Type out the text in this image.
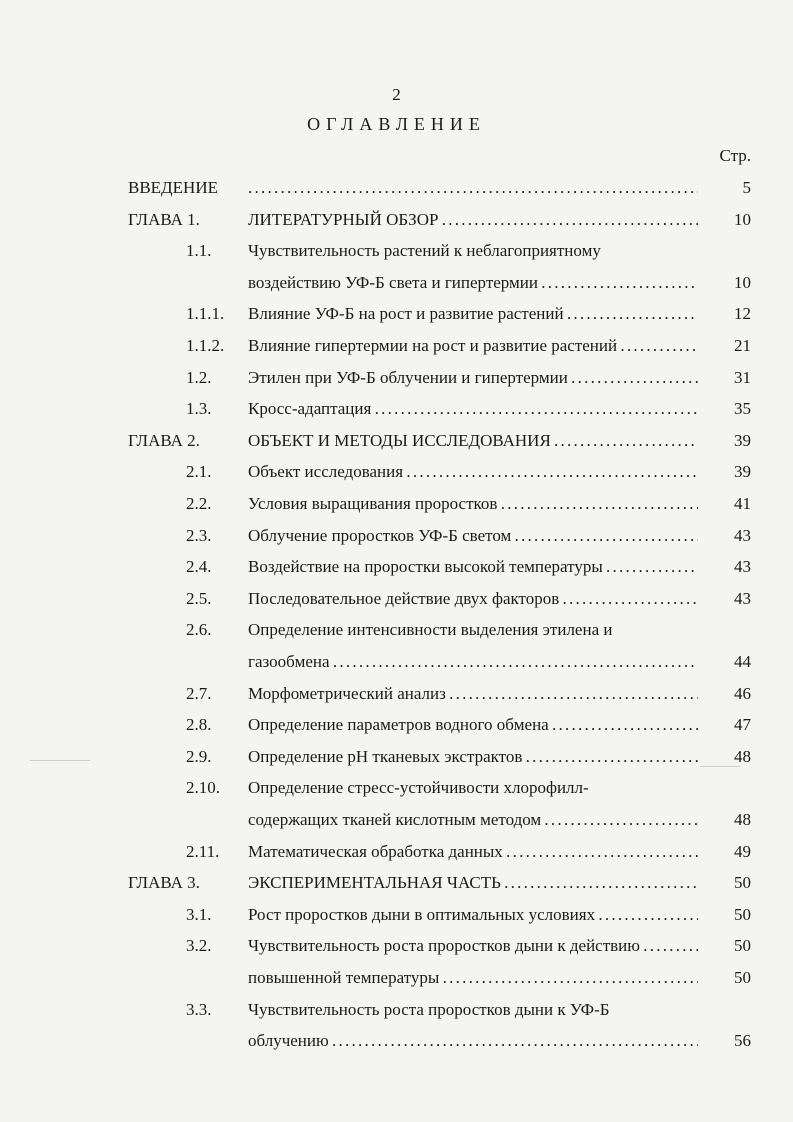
2
ОГЛАВЛЕНИЕ
Стр.
ВВЕДЕНИЕ . . .	5
ГЛАВА 1.	ЛИТЕРАТУРНЫЙ ОБЗОР . . .	10
1.1. Чувствительность растений к неблагоприятному
воздействию УФ-Б света и гипертермии . . .	10
1.1.1. Влияние УФ-Б на рост и развитие растений . . .	12
1.1.2. Влияние гипертермии на рост и развитие растений . . .	21
1.2. Этилен при УФ-Б облучении и гипертермии . . .	31
1.3. Кросс-адаптация . . .	35
ГЛАВА 2.	ОБЪЕКТ И МЕТОДЫ ИССЛЕДОВАНИЯ . . .	39
2.1. Объект исследования . . .	39
2.2. Условия выращивания проростков . . .	41
2.3. Облучение проростков УФ-Б светом . . .	43
2.4. Воздействие на проростки высокой температуры . . .	43
2.5. Последовательное действие двух факторов . . .	43
2.6. Определение интенсивности выделения этилена и
газообмена . . .	44
2.7. Морфометрический анализ . . .	46
2.8. Определение параметров водного обмена . . .	47
2.9. Определение pH тканевых экстрактов . . .	48
2.10. Определение стресс-устойчивости хлорофилл-
содержащих тканей кислотным методом . . .	48
2.11. Математическая обработка данных . . .	49
ГЛАВА 3.	ЭКСПЕРИМЕНТАЛЬНАЯ ЧАСТЬ . . .	50
3.1. Рост проростков дыни в оптимальных условиях . . .	50
3.2. Чувствительность роста проростков дыни к действию . . .	50
повышенной температуры . . .	50
3.3. Чувствительность роста проростков дыни к УФ-Б
облучению . . .	56
